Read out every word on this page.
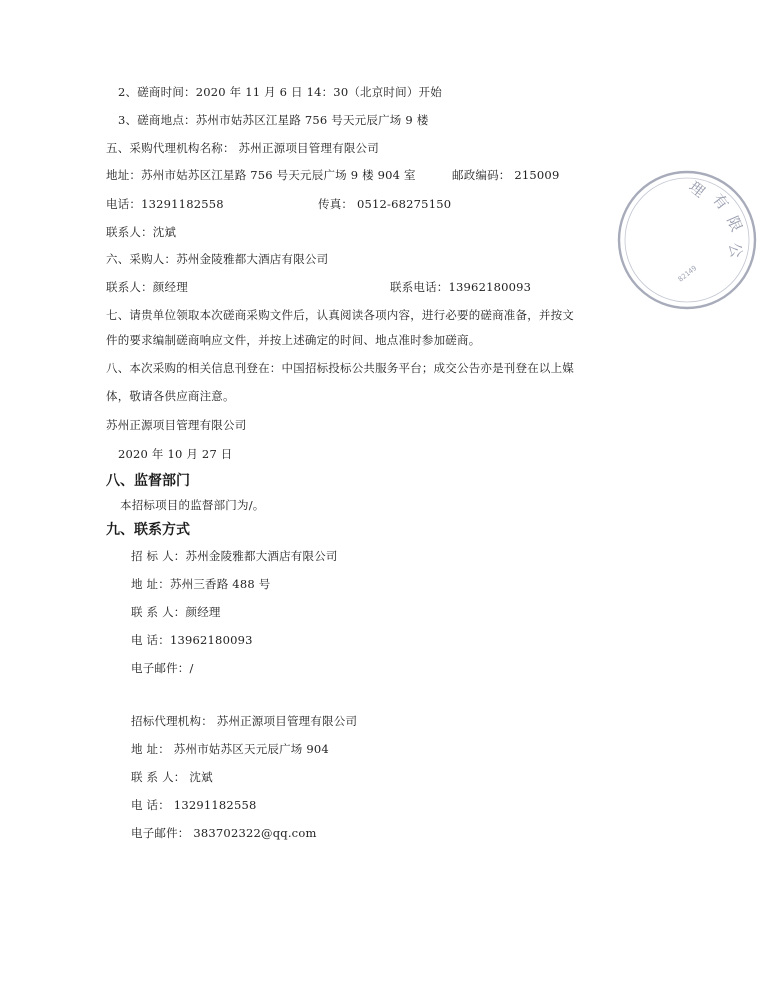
2、磋商时间：2020 年 11 月 6 日 14：30（北京时间）开始
3、磋商地点：苏州市姑苏区江星路 756 号天元辰广场 9 楼
五、采购代理机构名称： 苏州正源项目管理有限公司
地址：苏州市姑苏区江星路 756 号天元辰广场 9 楼 904 室	邮政编码： 215009
电话：13291182558	传真： 0512-68275150
联系人：沈斌
六、采购人：苏州金陵雅都大酒店有限公司
联系人：颜经理	联系电话：13962180093
七、请贵单位领取本次磋商采购文件后，认真阅读各项内容，进行必要的磋商准备，并按文
件的要求编制磋商响应文件，并按上述确定的时间、地点准时参加磋商。
八、本次采购的相关信息刊登在：中国招标投标公共服务平台；成交公告亦是刊登在以上媒
体，敬请各供应商注意。
苏州正源项目管理有限公司
2020 年 10 月 27 日
八、监督部门
本招标项目的监督部门为/。
九、联系方式
招 标 人：苏州金陵雅都大酒店有限公司
地 址：苏州三香路 488 号
联 系 人：颜经理
电 话：13962180093
电子邮件：/
招标代理机构： 苏州正源项目管理有限公司
地 址： 苏州市姑苏区天元辰广场 904
联 系 人： 沈斌
电 话： 13291182558
电子邮件： 383702322@qq.com
理
有
限
公
82149
